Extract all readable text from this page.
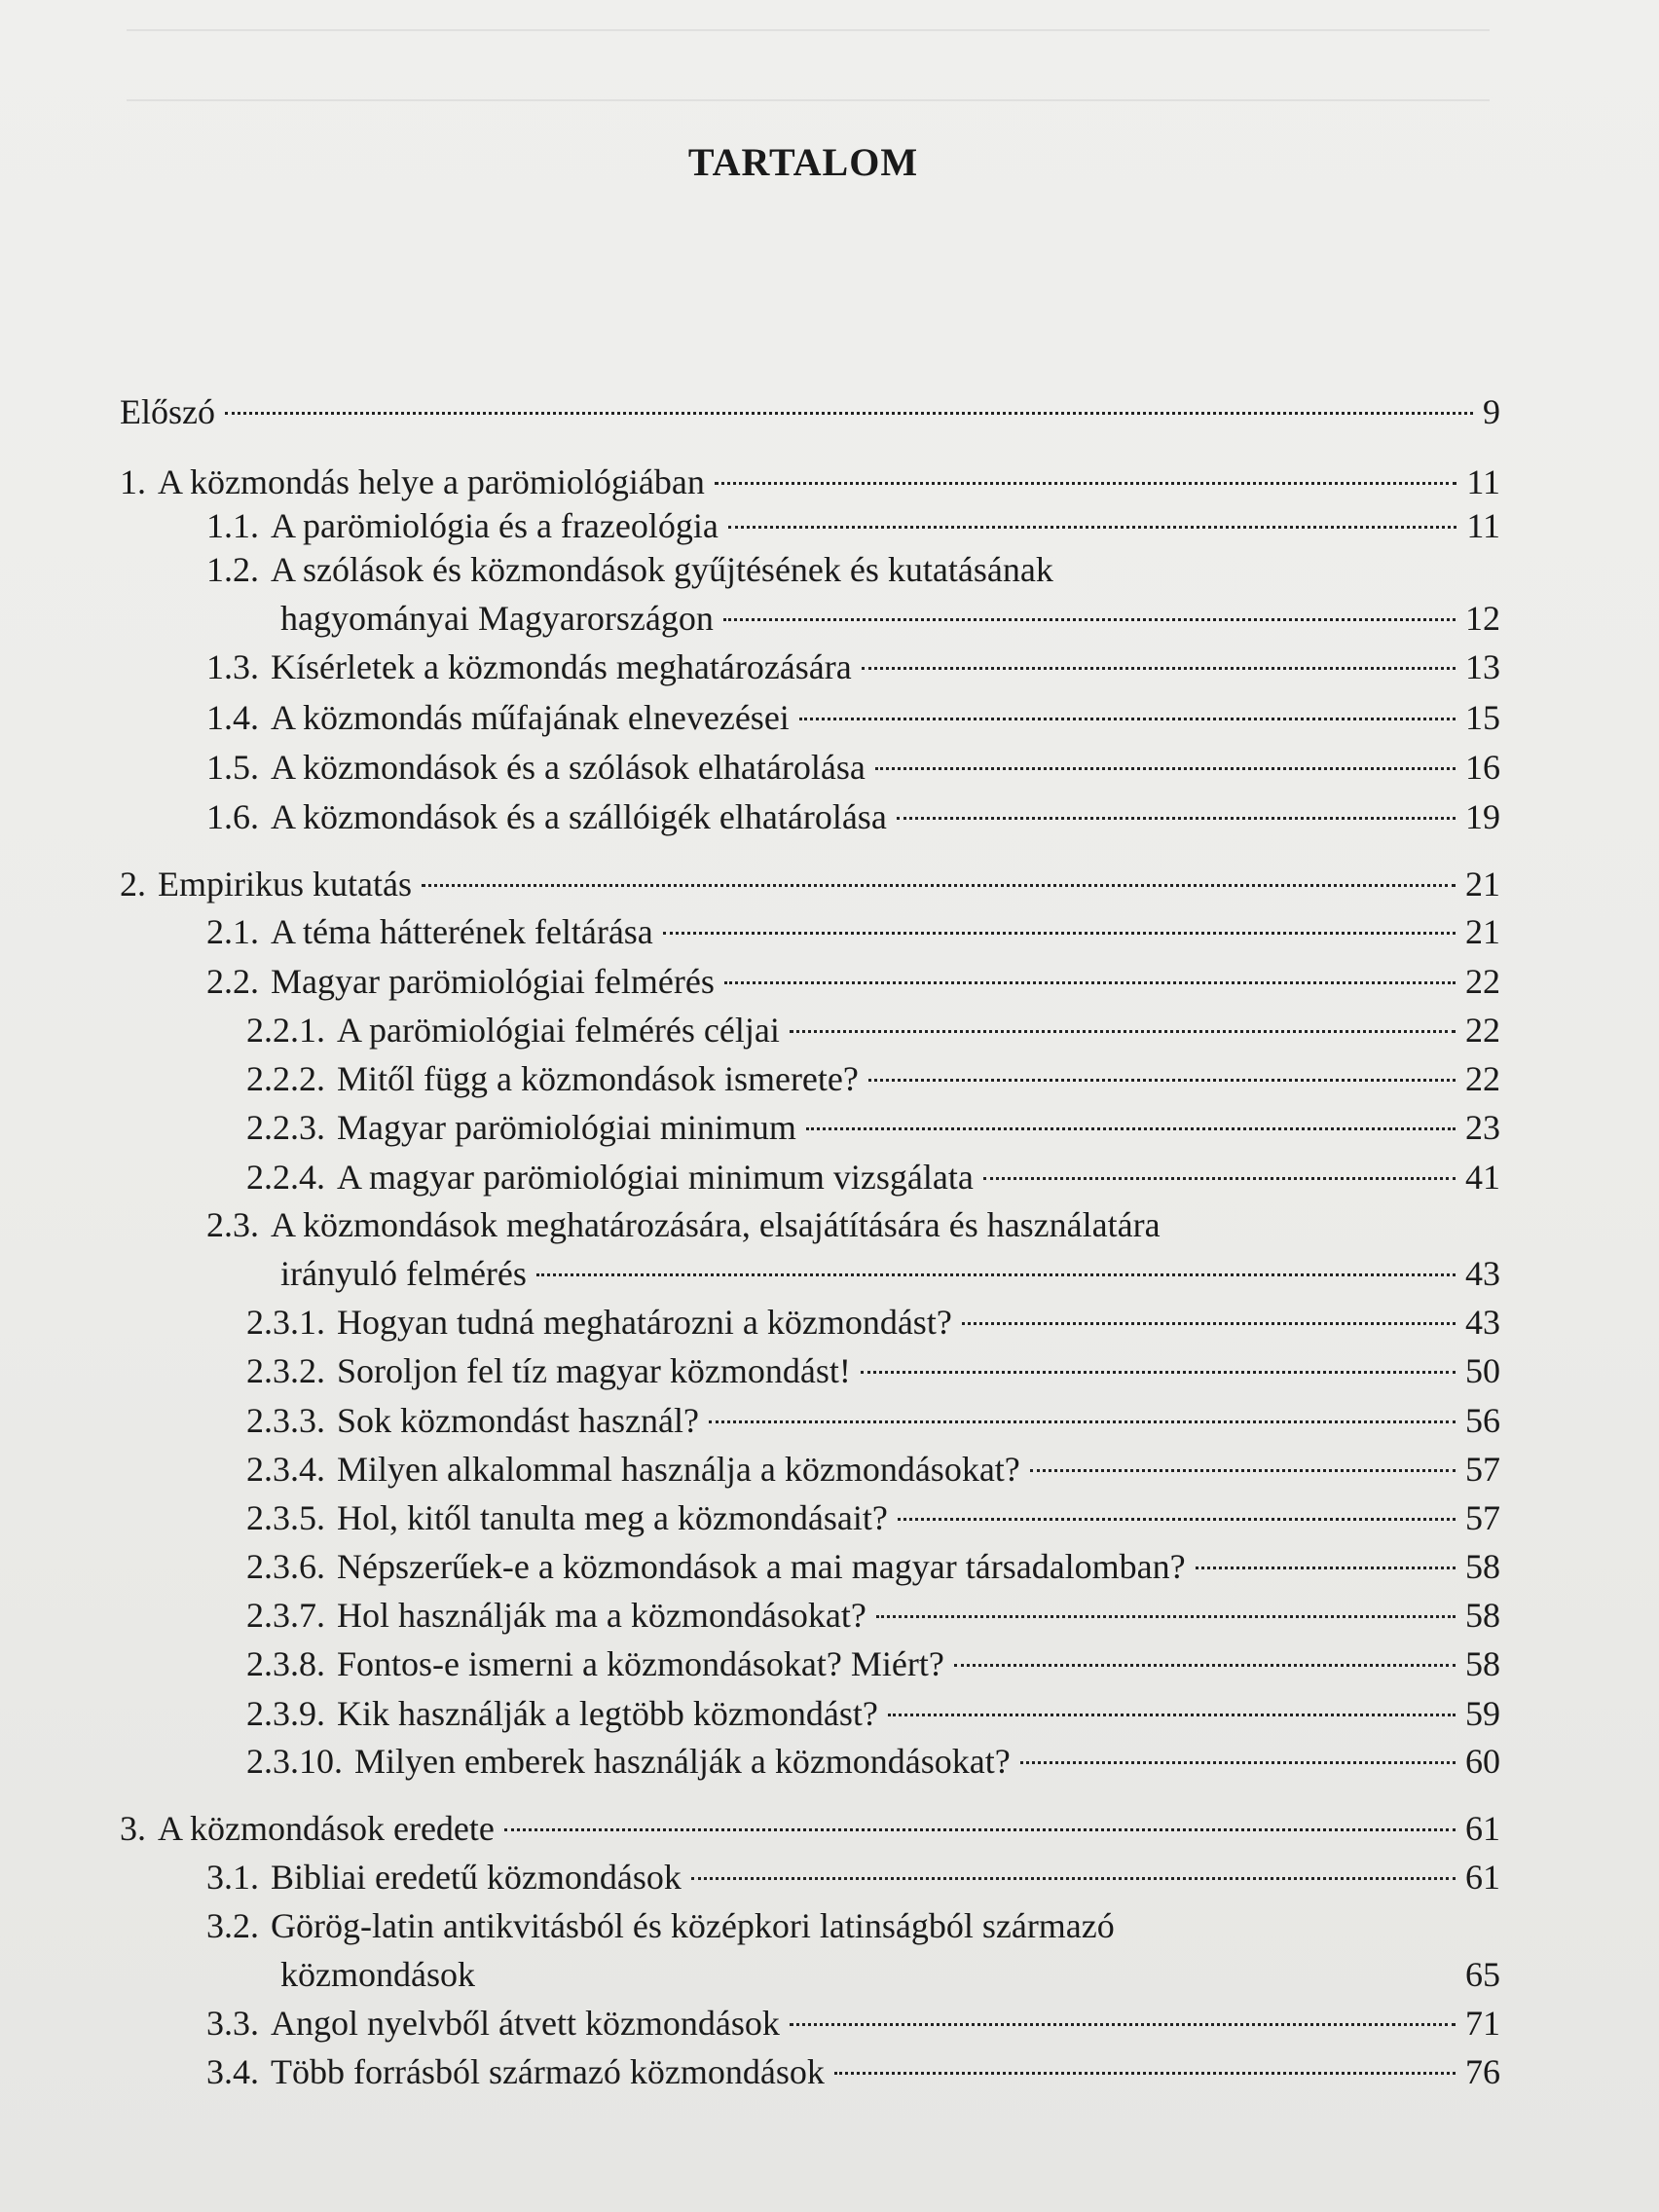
TARTALOM
Előszó	9
1. A közmondás helye a parömiológiában	11
1.1. A parömiológia és a frazeológia	11
1.2. A szólások és közmondások gyűjtésének és kutatásának
hagyományai Magyarországon	12
1.3. Kísérletek a közmondás meghatározására	13
1.4. A közmondás műfajának elnevezései	15
1.5. A közmondások és a szólások elhatárolása	16
1.6. A közmondások és a szállóigék elhatárolása	19
2. Empirikus kutatás	21
2.1. A téma hátterének feltárása	21
2.2. Magyar parömiológiai felmérés	22
2.2.1. A parömiológiai felmérés céljai	22
2.2.2. Mitől függ a közmondások ismerete?	22
2.2.3. Magyar parömiológiai minimum	23
2.2.4. A magyar parömiológiai minimum vizsgálata	41
2.3. A közmondások meghatározására, elsajátítására és használatára
irányuló felmérés	43
2.3.1. Hogyan tudná meghatározni a közmondást?	43
2.3.2. Soroljon fel tíz magyar közmondást!	50
2.3.3. Sok közmondást használ?	56
2.3.4. Milyen alkalommal használja a közmondásokat?	57
2.3.5. Hol, kitől tanulta meg a közmondásait?	57
2.3.6. Népszerűek-e a közmondások a mai magyar társadalomban?	58
2.3.7. Hol használják ma a közmondásokat?	58
2.3.8. Fontos-e ismerni a közmondásokat? Miért?	58
2.3.9. Kik használják a legtöbb közmondást?	59
2.3.10. Milyen emberek használják a közmondásokat?	60
3. A közmondások eredete	61
3.1. Bibliai eredetű közmondások	61
3.2. Görög-latin antikvitásból és középkori latinságból származó
közmondások	65
3.3. Angol nyelvből átvett közmondások	71
3.4. Több forrásból származó közmondások	76
